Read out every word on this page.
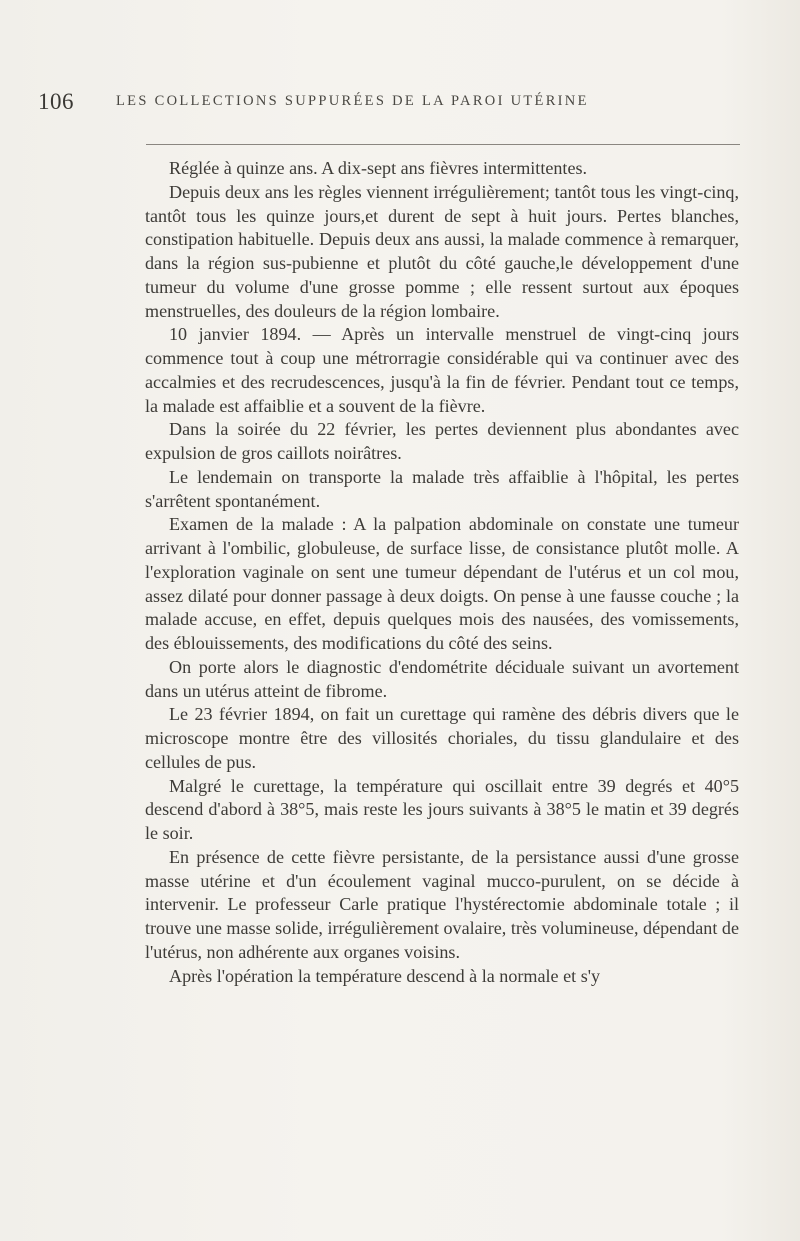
106	LES COLLECTIONS SUPPURÉES DE LA PAROI UTÉRINE

Réglée à quinze ans. A dix-sept ans fièvres intermittentes.

Depuis deux ans les règles viennent irrégulièrement; tantôt tous les vingt-cinq, tantôt tous les quinze jours,et durent de sept à huit jours. Pertes blanches, constipation habituelle. Depuis deux ans aussi, la malade commence à remarquer, dans la région sus-pubienne et plutôt du côté gauche,le développement d'une tumeur du volume d'une grosse pomme ; elle ressent surtout aux époques menstruelles, des douleurs de la région lombaire.

10 janvier 1894. — Après un intervalle menstruel de vingt-cinq jours commence tout à coup une métrorragie considérable qui va continuer avec des accalmies et des recrudescences, jusqu'à la fin de février. Pendant tout ce temps, la malade est affaiblie et a souvent de la fièvre.

Dans la soirée du 22 février, les pertes deviennent plus abondantes avec expulsion de gros caillots noirâtres.

Le lendemain on transporte la malade très affaiblie à l'hôpital, les pertes s'arrêtent spontanément.

Examen de la malade : A la palpation abdominale on constate une tumeur arrivant à l'ombilic, globuleuse, de surface lisse, de consistance plutôt molle. A l'exploration vaginale on sent une tumeur dépendant de l'utérus et un col mou, assez dilaté pour donner passage à deux doigts. On pense à une fausse couche ; la malade accuse, en effet, depuis quelques mois des nausées, des vomissements, des éblouissements, des modifications du côté des seins.

On porte alors le diagnostic d'endométrite déciduale suivant un avortement dans un utérus atteint de fibrome.

Le 23 février 1894, on fait un curettage qui ramène des débris divers que le microscope montre être des villosités choriales, du tissu glandulaire et des cellules de pus.

Malgré le curettage, la température qui oscillait entre 39 degrés et 40°5 descend d'abord à 38°5, mais reste les jours suivants à 38°5 le matin et 39 degrés le soir.

En présence de cette fièvre persistante, de la persistance aussi d'une grosse masse utérine et d'un écoulement vaginal mucco-purulent, on se décide à intervenir. Le professeur Carle pratique l'hystérectomie abdominale totale ; il trouve une masse solide, irrégulièrement ovalaire, très volumineuse, dépendant de l'utérus, non adhérente aux organes voisins.

Après l'opération la température descend à la normale et s'y
